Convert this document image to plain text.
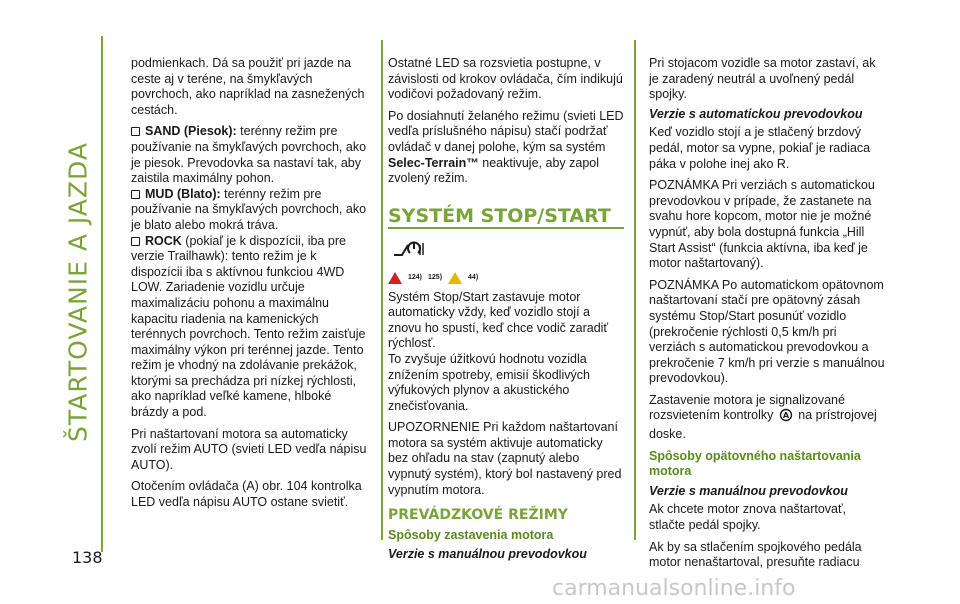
ŠTARTOVANIE A JAZDA
138

podmienkach. Dá sa použiť pri jazde na ceste aj v teréne, na šmykľavých povrchoch, ako napríklad na zasnežených cestách.

SAND (Piesok): terénny režim pre používanie na šmykľavých povrchoch, ako je piesok. Prevodovka sa nastaví tak, aby zaistila maximálny pohon.

MUD (Blato): terénny režim pre používanie na šmykľavých povrchoch, ako je blato alebo mokrá tráva.

ROCK (pokiaľ je k dispozícii, iba pre verzie Trailhawk): tento režim je k dispozícii iba s aktívnou funkciou 4WD LOW. Zariadenie vozidlu určuje maximalizáciu pohonu a maximálnu kapacitu riadenia na kamenických terénnych povrchoch. Tento režim zaisťuje maximálny výkon pri terénnej jazde. Tento režim je vhodný na zdolávanie prekážok, ktorými sa prechádza pri nízkej rýchlosti, ako napríklad veľké kamene, hlboké brázdy a pod.

Pri naštartovaní motora sa automaticky zvolí režim AUTO (svieti LED vedľa nápisu AUTO).

Otočením ovládača (A) obr. 104 kontrolka LED vedľa nápisu AUTO ostane svietiť.

Ostatné LED sa rozsvietia postupne, v závislosti od krokov ovládača, čím indikujú vodičovi požadovaný režim.

Po dosiahnutí želaného režimu (svieti LED vedľa príslušného nápisu) stačí podržať ovládač v danej polohe, kým sa systém Selec-Terrain™ neaktivuje, aby zapol zvolený režim.

SYSTÉM STOP/START
124) 125)	44)

Systém Stop/Start zastavuje motor automaticky vždy, keď vozidlo stojí a znovu ho spustí, keď chce vodič zaradiť rýchlosť.

To zvyšuje úžitkovú hodnotu vozidla znížením spotreby, emisií škodlivých výfukových plynov a akustického znečisťovania.

UPOZORNENIE Pri každom naštartovaní motora sa systém aktivuje automaticky bez ohľadu na stav (zapnutý alebo vypnutý systém), ktorý bol nastavený pred vypnutím motora.

PREVÁDZKOVÉ REŽIMY
Spôsoby zastavenia motora
Verzie s manuálnou prevodovkou

Pri stojacom vozidle sa motor zastaví, ak je zaradený neutrál a uvoľnený pedál spojky.

Verzie s automatickou prevodovkou

Keď vozidlo stojí a je stlačený brzdový pedál, motor sa vypne, pokiaľ je radiaca páka v polohe inej ako R.

POZNÁMKA Pri verziách s automatickou prevodovkou v prípade, že zastanete na svahu hore kopcom, motor nie je možné vypnúť, aby bola dostupná funkcia „Hill Start Assist“ (funkcia aktívna, iba keď je motor naštartovaný).

POZNÁMKA Po automatickom opätovnom naštartovaní stačí pre opätovný zásah systému Stop/Start posunúť vozidlo (prekročenie rýchlosti 0,5 km/h pri verziách s automatickou prevodovkou a prekročenie 7 km/h pri verzie s manuálnou prevodovkou).

Zastavenie motora je signalizované rozsvietením kontrolky A na prístrojovej doske.

Spôsoby opätovného naštartovania motora
Verzie s manuálnou prevodovkou

Ak chcete motor znova naštartovať, stlačte pedál spojky.

Ak by sa stlačením spojkového pedála motor nenaštartoval, presuňte radiacu

carmanualsonline.info
